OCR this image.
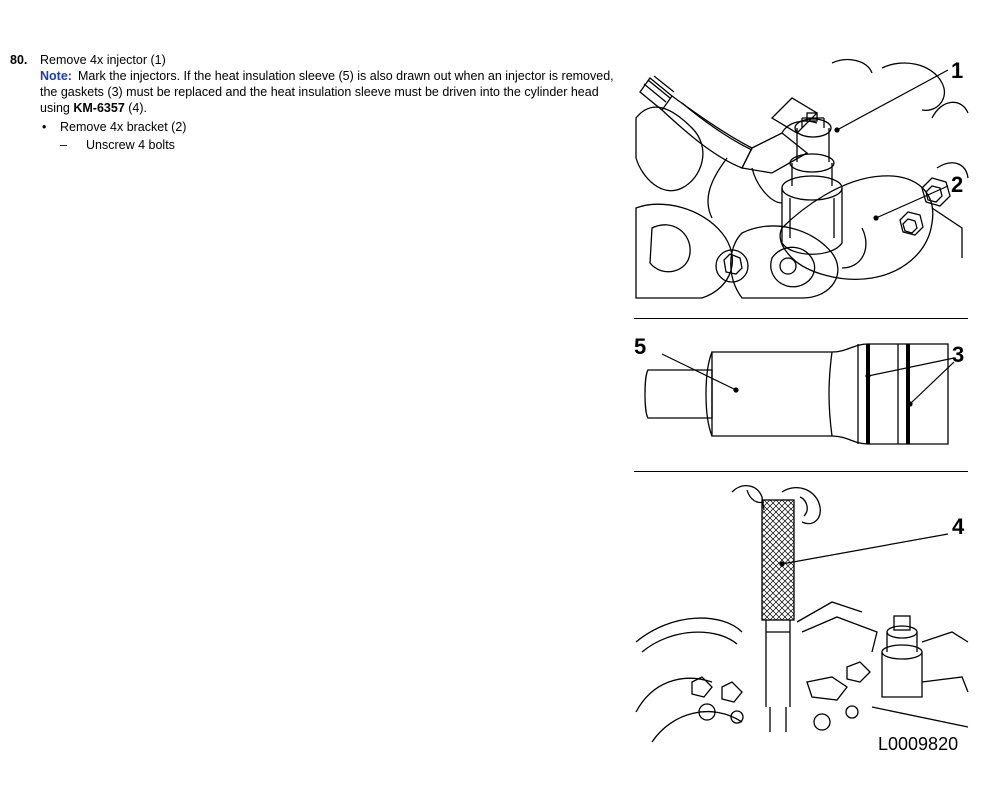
80. Remove 4x injector (1)
Note: Mark the injectors. If the heat insulation sleeve (5) is also drawn out when an injector is removed, the gaskets (3) must be replaced and the heat insulation sleeve must be driven into the cylinder head using KM-6357 (4).
•	Remove 4x bracket (2)
–	Unscrew 4 bolts
1
2
5	3
4
L0009820
